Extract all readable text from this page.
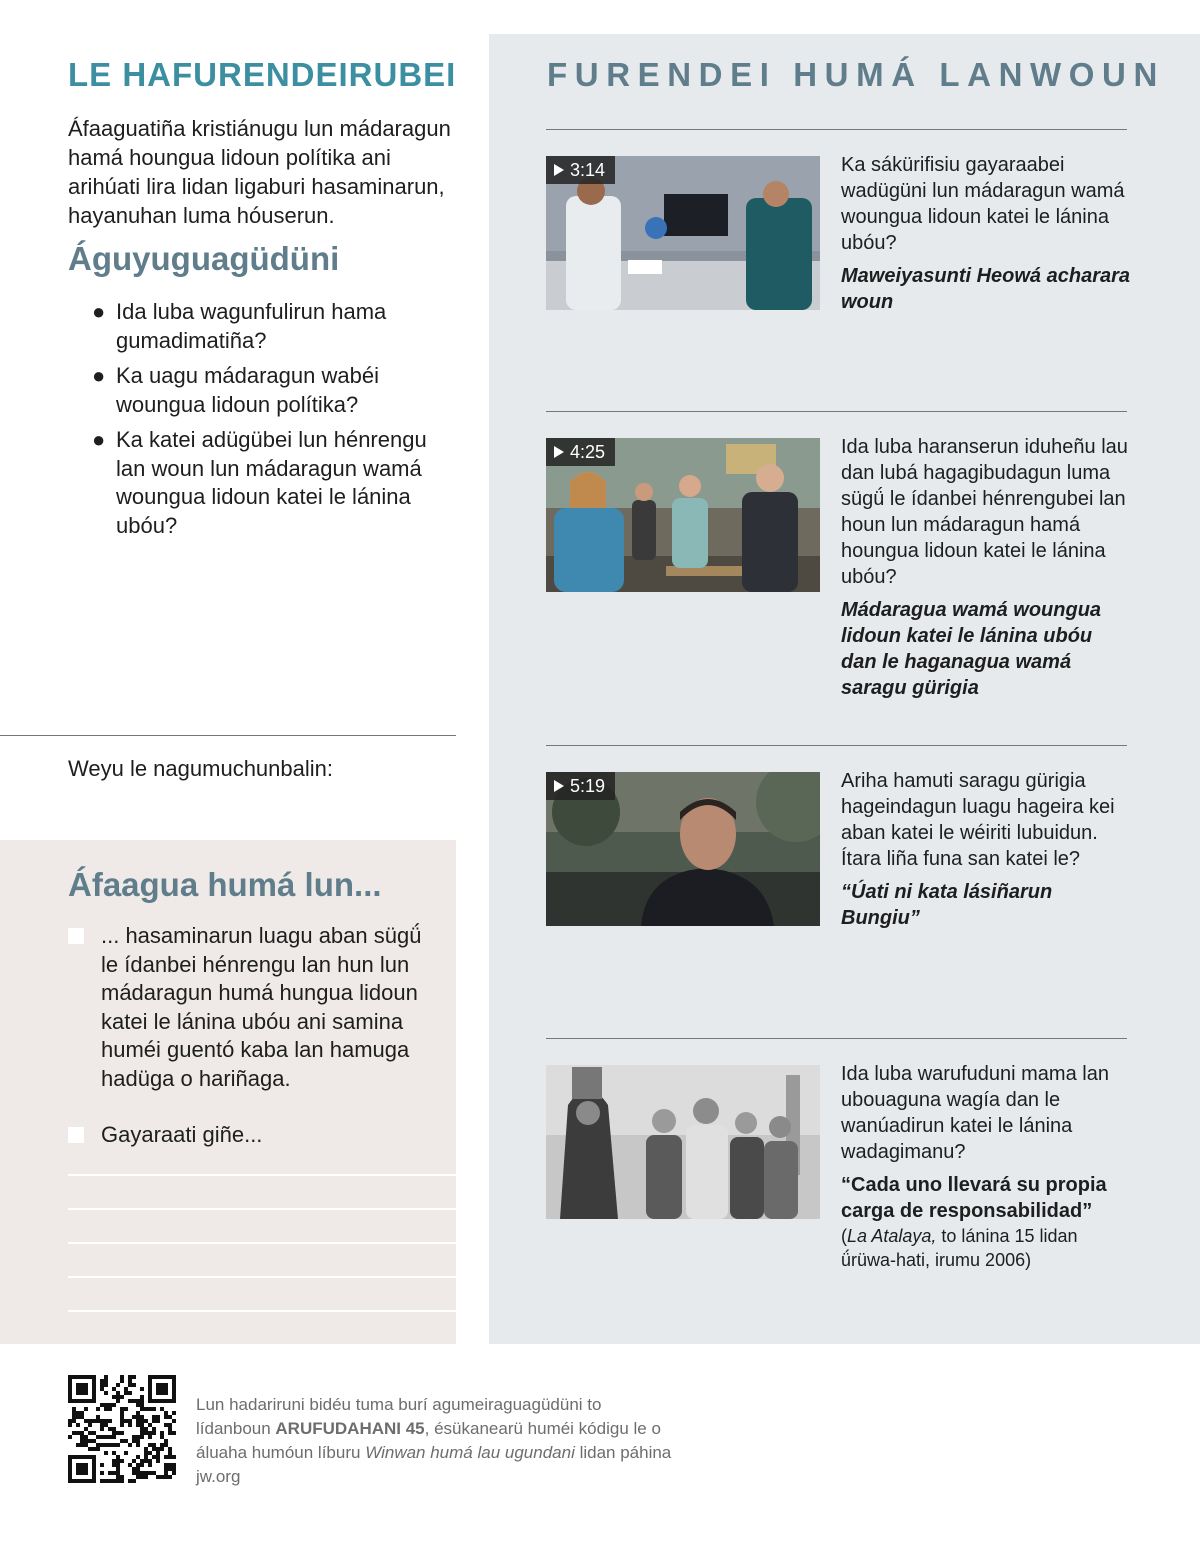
LE HAFURENDEIRUBEI

Áfaaguatiña kristiánugu lun mádaragun hamá houngua lidoun polítika ani arihúati lira lidan ligaburi hasaminarun, hayanuhan luma hóuserun.

Águyuguagüdüni
● Ida luba wagunfulirun hama gumadimatiña?
● Ka uagu mádaragun wabéi woungua lidoun polítika?
● Ka katei adügübei lun hénrengu lan woun lun mádaragun wamá woungua lidoun katei le lánina ubóu?
Weyu le nagumuchunbalin:
Áfaagua humá lun...
... hasaminarun luagu aban sügǘ le ídanbei hénrengu lan hun lun mádaragun humá hungua lidoun katei le lánina ubóu ani samina huméi guentó kaba lan hamuga hadüga o hariñaga.
Gayaraati giñe...
FURENDEI HUMÁ LANWOUN
3:14	Ka sákürifisiu gayaraabei wadügüni lun mádaragun wamá woungua lidoun katei le lánina ubóu?
Maweiyasunti Heowá acharara woun
4:25	Ida luba haranserun iduheñu lau dan lubá hagagibudagun luma sügǘ le ídanbei hénrengubei lan houn lun mádaragun hamá houngua lidoun katei le lánina ubóu?
Mádaragua wamá woungua lidoun katei le lánina ubóu dan le haganagua wamá saragu gürigia
5:19	Ariha hamuti saragu gürigia hageindagun luagu hageira kei aban katei le wéiriti lubuidun. Ítara liña funa san katei le?
“Úati ni kata lásiñarun Bungiu”
Ida luba warufuduni mama lan ubouaguna wagía dan le wanúadirun katei le lánina wadagimanu?
“Cada uno llevará su propia carga de responsabilidad”
(La Atalaya, to lánina 15 lidan ǘrüwa-hati, irumu 2006)

Lun hadariruni bidéu tuma burí agumeiraguagüdüni to lídanboun ARUFUDAHANI 45, ésükanearü huméi kódigu le o áluaha humóun líburu Winwan humá lau ugundani lidan páhina jw.org
